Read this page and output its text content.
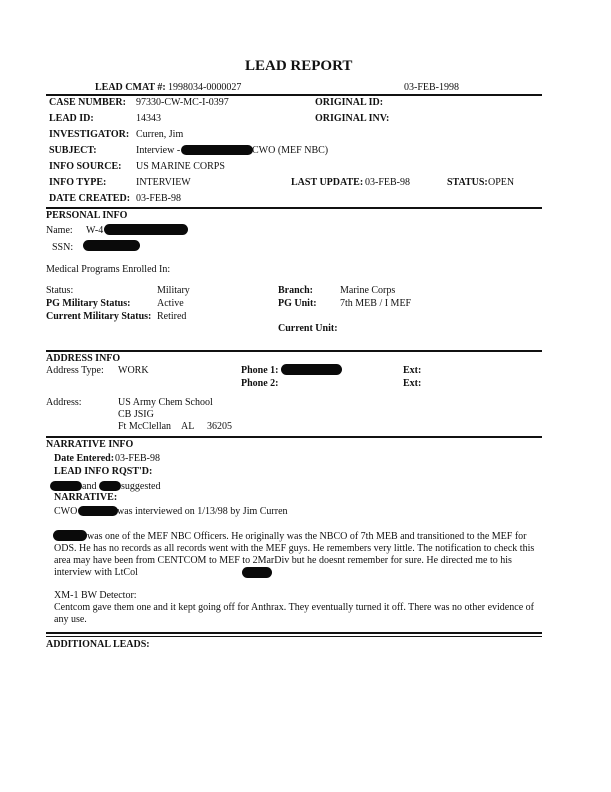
LEAD REPORT
LEAD CMAT #: 1998034-0000027	03-FEB-1998
CASE NUMBER: 97330-CW-MC-I-0397	ORIGINAL ID:
LEAD ID:	14343	ORIGINAL INV:
INVESTIGATOR: Curren, Jim
SUBJECT:	Interview -	CWO (MEF NBC)
INFO SOURCE: US MARINE CORPS
INFO TYPE:	INTERVIEW	LAST UPDATE: 03-FEB-98	STATUS: OPEN
DATE CREATED: 03-FEB-98
PERSONAL INFO
Name: W-4
SSN:
Medical Programs Enrolled In:
Status:	Military	Branch:	Marine Corps
PG Military Status:	Active	PG Unit: 7th MEB / I MEF
Current Military Status: Retired
Current Unit:
ADDRESS INFO
Address Type: WORK	Phone 1:	Ext:
Phone 2:	Ext:
Address:	US Army Chem School
CB JSIG
Ft McClellan AL 36205
NARRATIVE INFO
Date Entered: 03-FEB-98
LEAD INFO RQST'D:
and suggested
NARRATIVE:
CWO	was interviewed on 1/13/98 by Jim Curren
was one of the MEF NBC Officers. He originally was the NBCO of 7th MEB and transitioned to the MEF for ODS. He has no records as all records went with the MEF guys. He remembers very little. The notification to check this area may have been from CENTCOM to MEF to 2MarDiv but he doesnt remember for sure. He directed me to his interview with LtCol
XM-1 BW Detector:
Centcom gave them one and it kept going off for Anthrax. They eventually turned it off. There was no other evidence of any use.
ADDITIONAL LEADS:
